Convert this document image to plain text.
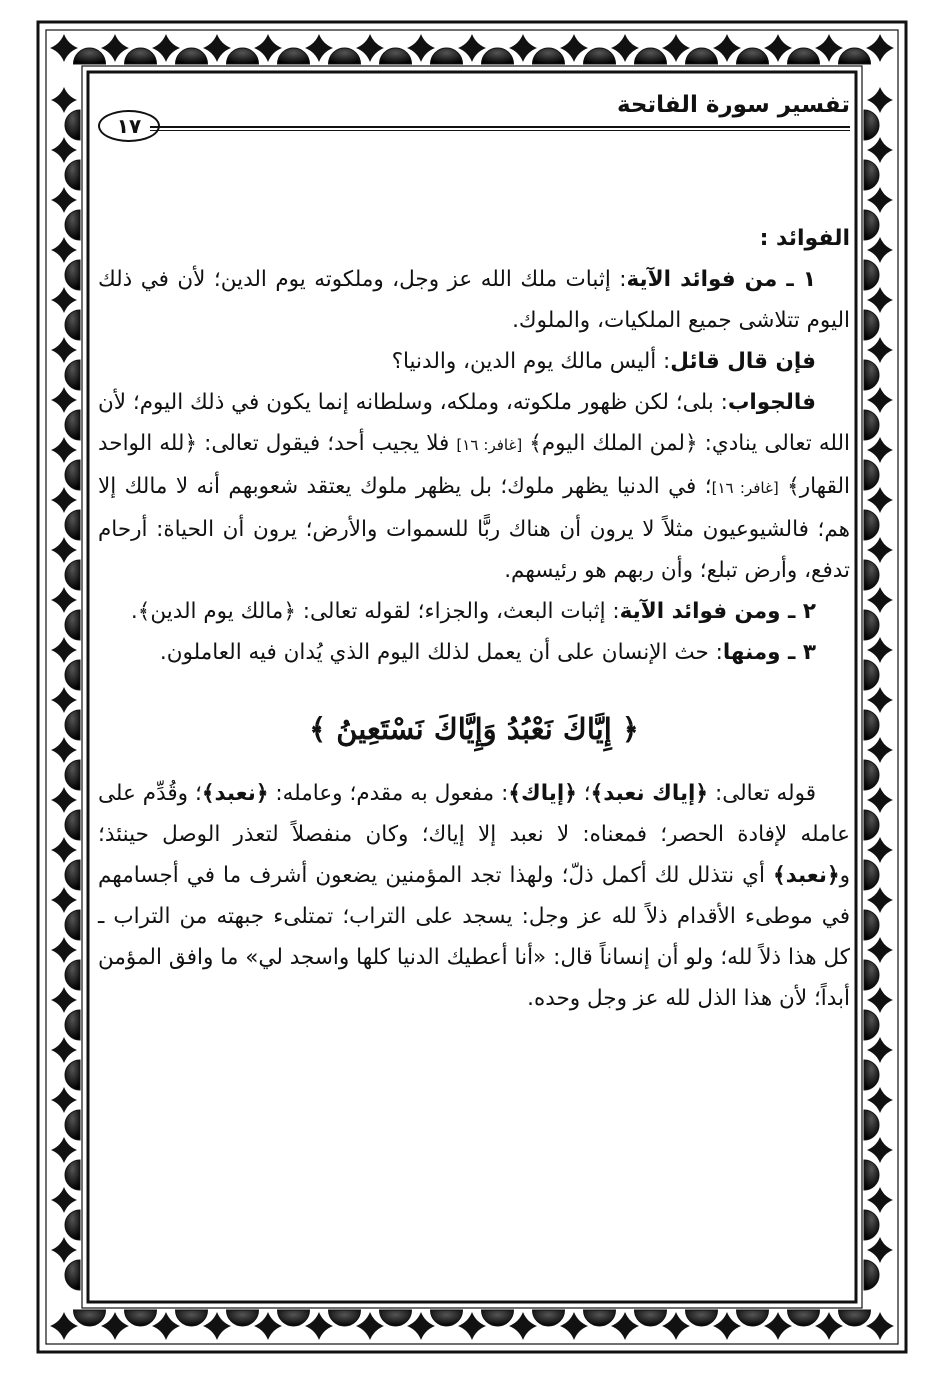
تفسير سورة الفاتحة
١٧
الفوائد :

١ ـ من فوائد الآية: إثبات ملك الله عز وجل، وملكوته يوم الدين؛ لأن في ذلك اليوم تتلاشى جميع الملكيات، والملوك.

فإن قال قائل: أليس مالك يوم الدين، والدنيا؟

فالجواب: بلى؛ لكن ظهور ملكوته، وملكه، وسلطانه إنما يكون في ذلك اليوم؛ لأن الله تعالى ينادي: ﴿لمن الملك اليوم﴾ [غافر: ١٦] فلا يجيب أحد؛ فيقول تعالى: ﴿لله الواحد القهار﴾ [غافر: ١٦]؛ في الدنيا يظهر ملوك؛ بل يظهر ملوك يعتقد شعوبهم أنه لا مالك إلا هم؛ فالشيوعيون مثلاً لا يرون أن هناك ربًّا للسموات والأرض؛ يرون أن الحياة: أرحام تدفع، وأرض تبلع؛ وأن ربهم هو رئيسهم.

٢ ـ ومن فوائد الآية: إثبات البعث، والجزاء؛ لقوله تعالى: ﴿مالك يوم الدين﴾.

٣ ـ ومنها: حث الإنسان على أن يعمل لذلك اليوم الذي يُدان فيه العاملون.

﴿ إِيَّاكَ نَعْبُدُ وَإِيَّاكَ نَسْتَعِينُ ﴾

قوله تعالى: ﴿إياك نعبد﴾؛ ﴿إياك﴾: مفعول به مقدم؛ وعامله: ﴿نعبد﴾؛ وقُدِّم على عامله لإفادة الحصر؛ فمعناه: لا نعبد إلا إياك؛ وكان منفصلاً لتعذر الوصل حينئذ؛ و﴿نعبد﴾ أي نتذلل لك أكمل ذلّ؛ ولهذا تجد المؤمنين يضعون أشرف ما في أجسامهم في موطىء الأقدام ذلاً لله عز وجل: يسجد على التراب؛ تمتلىء جبهته من التراب ـ كل هذا ذلاً لله؛ ولو أن إنساناً قال: «أنا أعطيك الدنيا كلها واسجد لي» ما وافق المؤمن أبداً؛ لأن هذا الذل لله عز وجل وحده.
